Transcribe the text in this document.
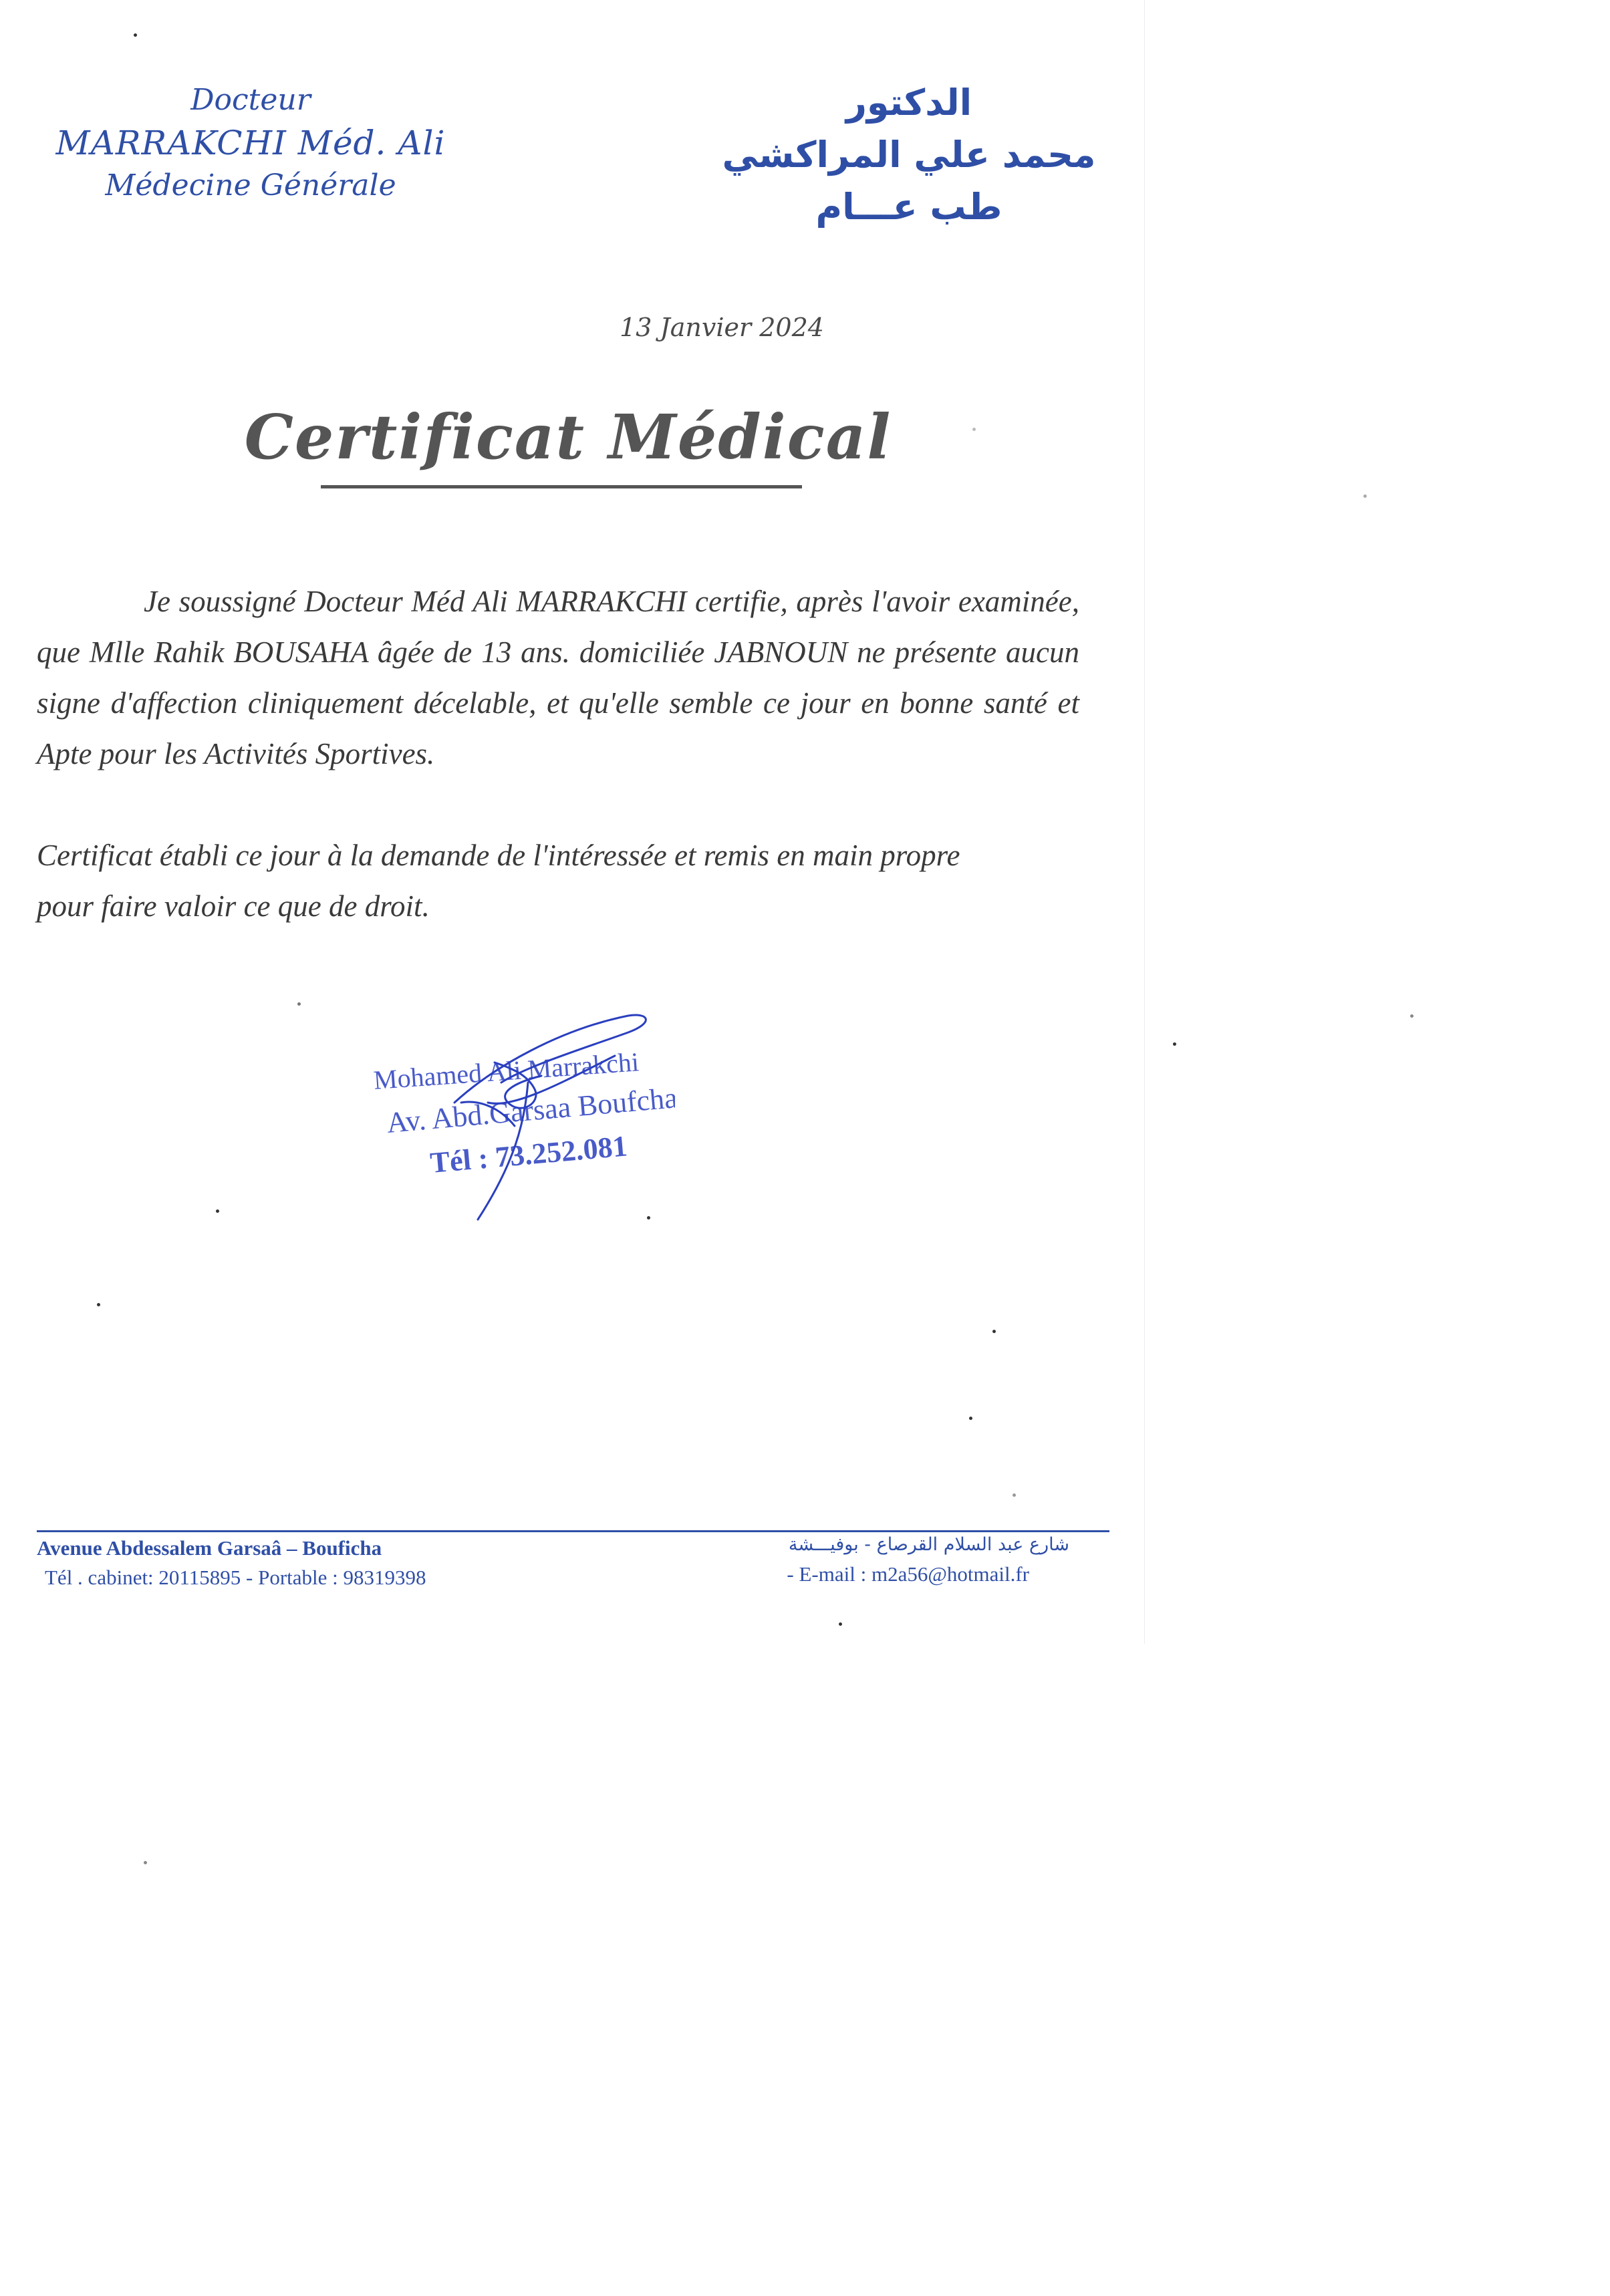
Docteur
MARRAKCHI Méd. Ali
Médecine Générale
الدكتور
محمد علي المراكشي
طب عـــام
13 Janvier 2024
Certificat Médical
Je soussigné Docteur Méd Ali MARRAKCHI certifie, après l'avoir examinée, que Mlle Rahik BOUSAHA âgée de 13 ans. domiciliée JABNOUN ne présente aucun signe d'affection cliniquement décelable, et qu'elle semble ce jour en bonne santé et Apte pour les Activités Sportives.
Certificat établi ce jour à la demande de l'intéressée et remis en main propre
pour faire valoir ce que de droit.
Mohamed Ali Marrakchi
Av. Abd.Garsaa Boufcha
Tél : 73.252.081
Avenue Abdessalem Garsaâ – Bouficha
Tél . cabinet: 20115895 - Portable : 98319398
شارع عبد السلام القرصاع - بوفيـــشة
- E-mail : m2a56@hotmail.fr
